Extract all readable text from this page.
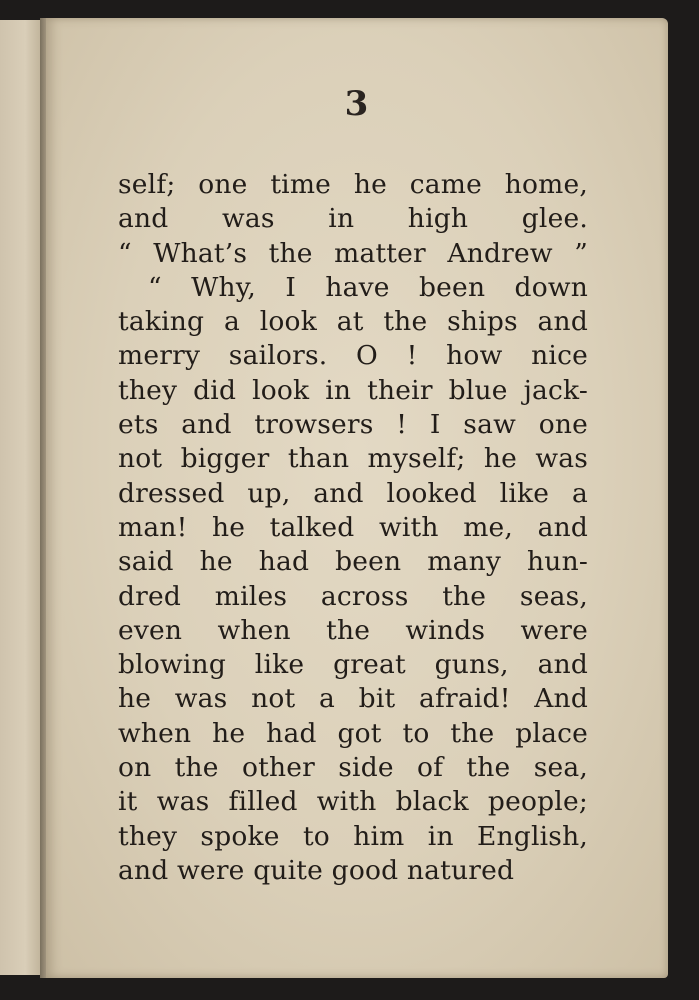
3
self; one time he came home,
and was in high glee.
“ What’s the matter Andrew ”
“ Why, I have been down
taking a look at the ships and
merry sailors. O ! how nice
they did look in their blue jack-
ets and trowsers ! I saw one
not bigger than myself; he was
dressed up, and looked like a
man! he talked with me, and
said he had been many hun-
dred miles across the seas,
even when the winds were
blowing like great guns, and
he was not a bit afraid! And
when he had got to the place
on the other side of the sea,
it was filled with black people;
they spoke to him in English,
and were quite good natured
